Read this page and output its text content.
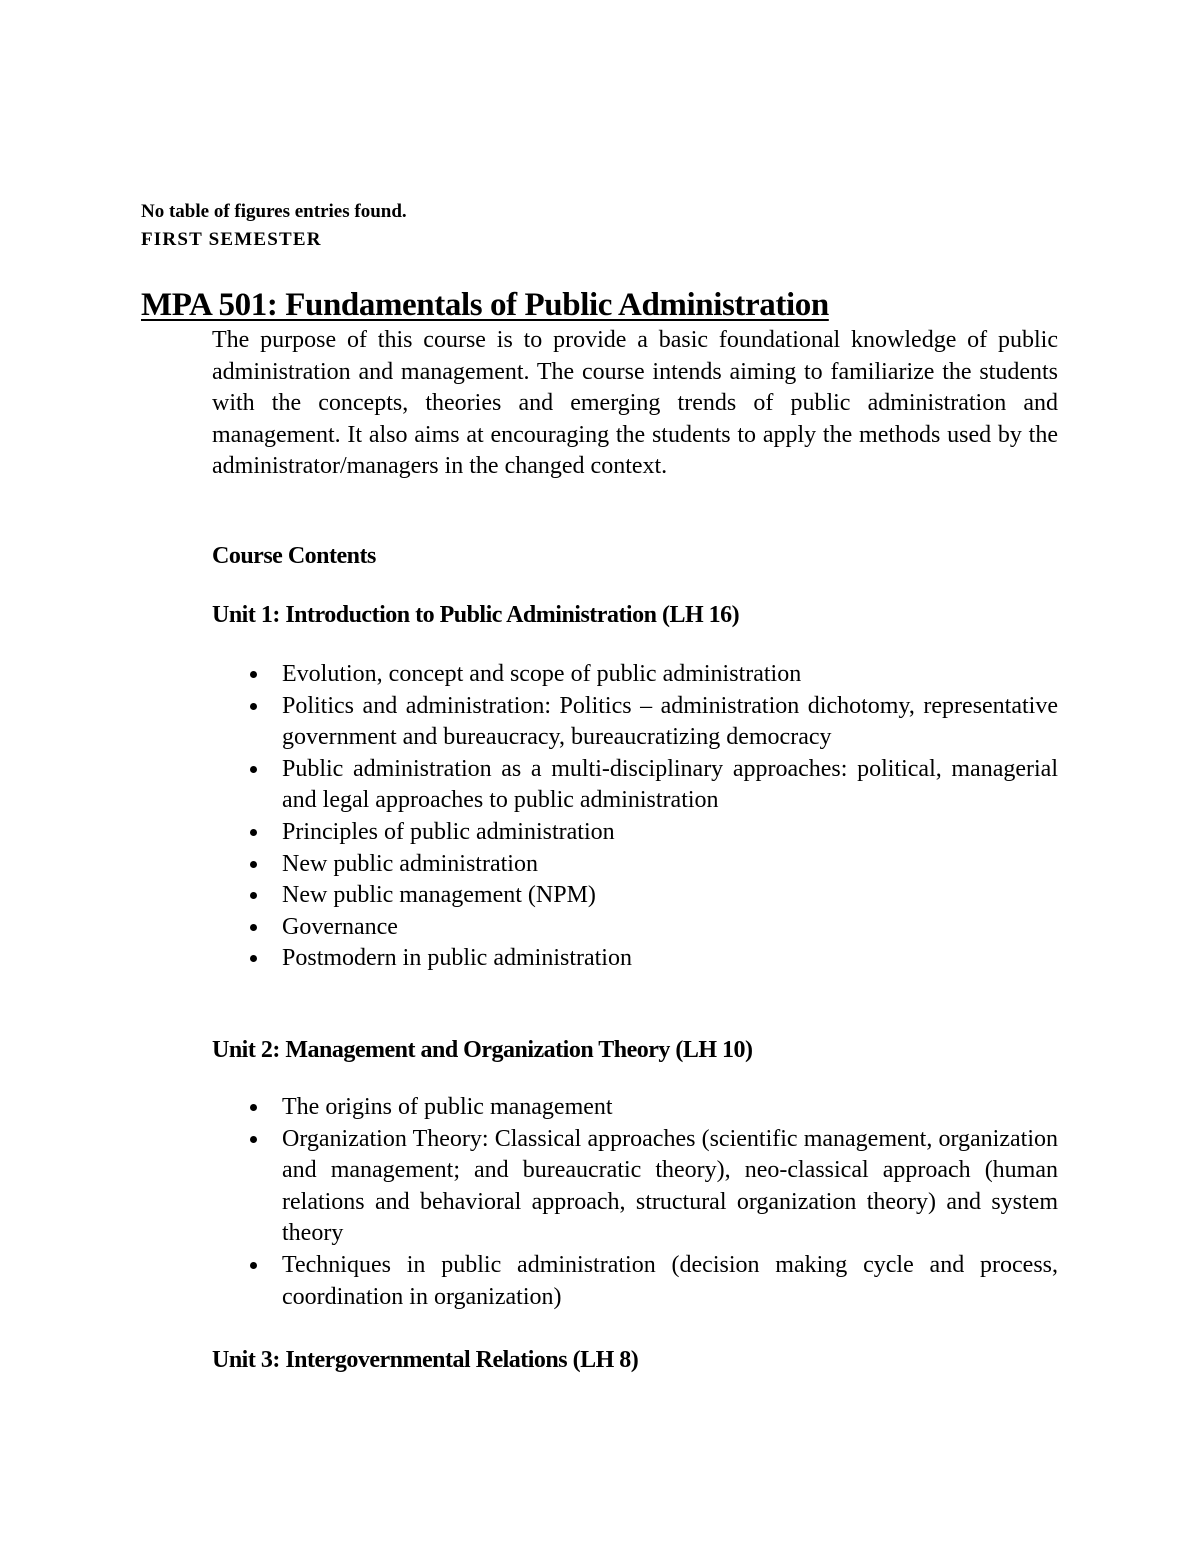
No table of figures entries found.
FIRST SEMESTER
MPA 501: Fundamentals of Public Administration

The purpose of this course is to provide a basic foundational knowledge of public administration and management. The course intends aiming to familiarize the students with the concepts, theories and emerging trends of public administration and management. It also aims at encouraging the students to apply the methods used by the administrator/managers in the changed context.

Course Contents
Unit 1: Introduction to Public Administration (LH 16)
Evolution, concept and scope of public administration
Politics and administration: Politics – administration dichotomy, representative government and bureaucracy, bureaucratizing democracy
Public administration as a multi-disciplinary approaches: political, managerial and legal approaches to public administration
Principles of public administration
New public administration
New public management (NPM)
Governance
Postmodern in public administration
Unit 2: Management and Organization Theory (LH 10)
The origins of public management
Organization Theory: Classical approaches (scientific management, organization and management; and bureaucratic theory), neo-classical approach (human relations and behavioral approach, structural organization theory) and system theory
Techniques in public administration (decision making cycle and process, coordination in organization)
Unit 3: Intergovernmental Relations (LH 8)
